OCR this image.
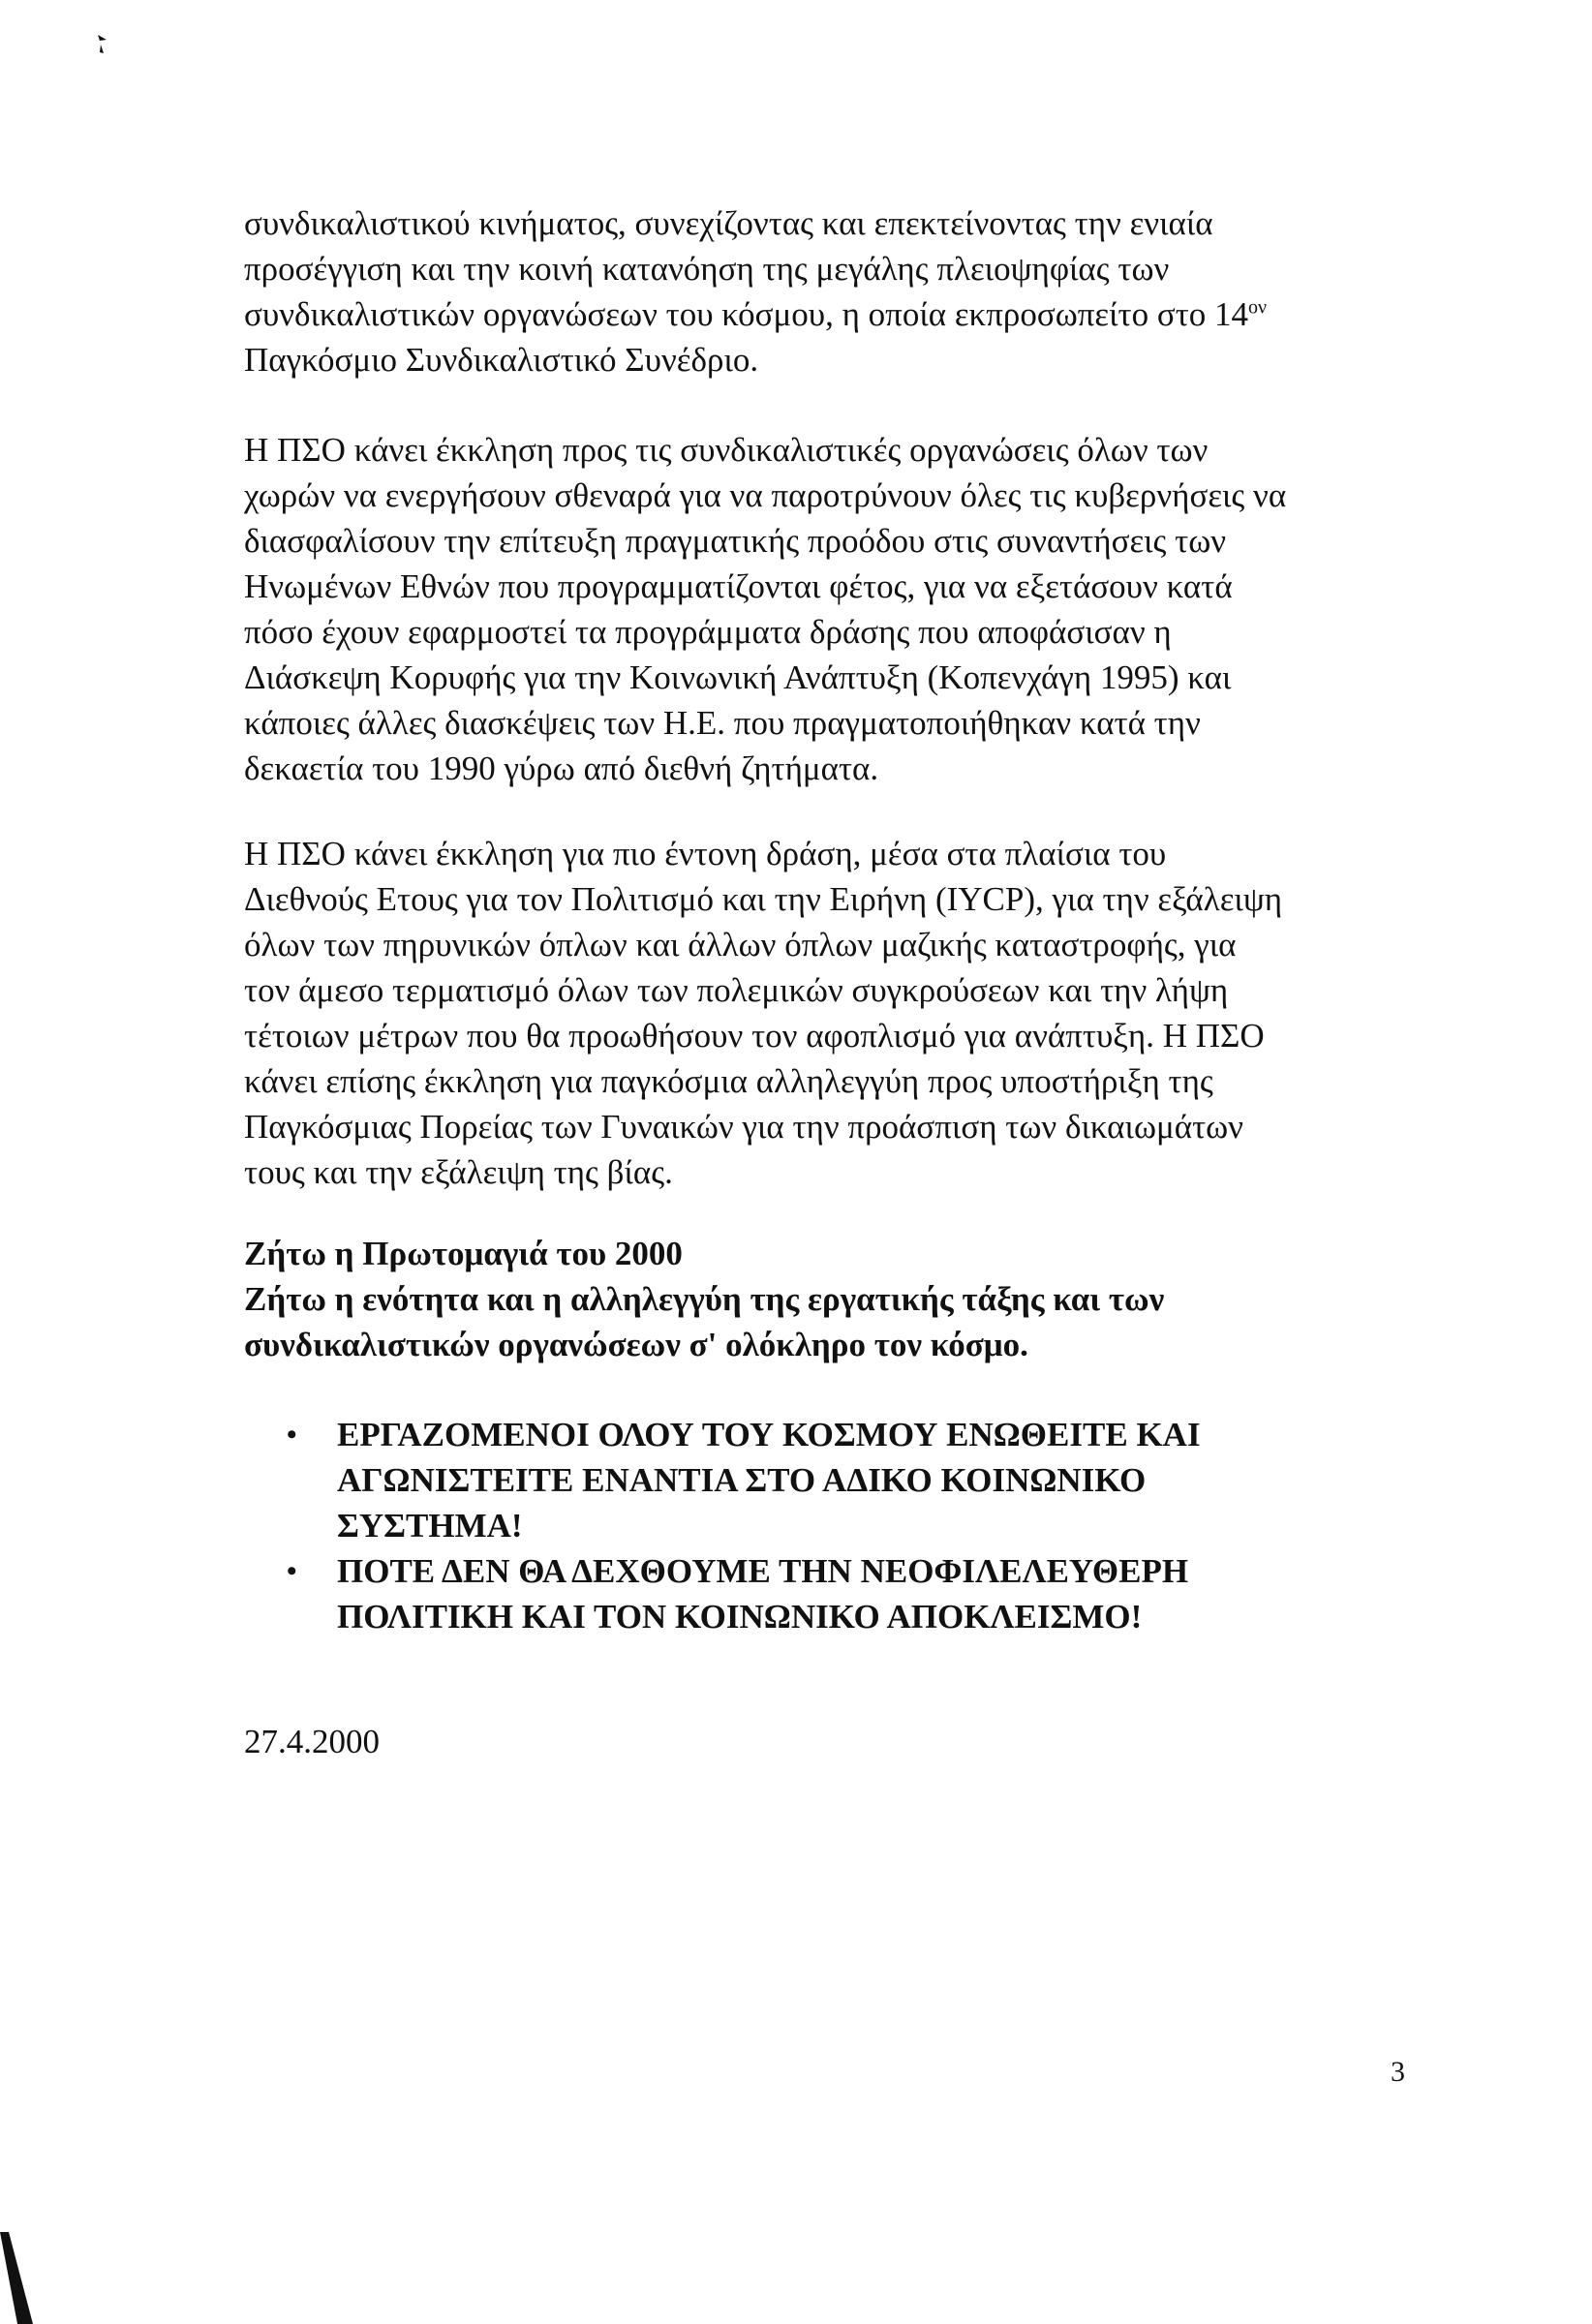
συνδικαλιστικού κινήματος, συνεχίζοντας και επεκτείνοντας την ενιαία
προσέγγιση και την κοινή κατανόηση της μεγάλης πλειοψηφίας των
συνδικαλιστικών οργανώσεων του κόσμου, η οποία εκπροσωπείτο στο $14^{o\nu}$
Παγκόσμιο Συνδικαλιστικό Συνέδριο.
Η ΠΣΟ κάνει έκκληση προς τις συνδικαλιστικές οργανώσεις όλων των
χωρών να ενεργήσουν σθεναρά για να παροτρύνουν όλες τις κυβερνήσεις να
διασφαλίσουν την επίτευξη πραγματικής προόδου στις συναντήσεις των
Ηνωμένων Εθνών που προγραμματίζονται φέτος, για να εξετάσουν κατά
πόσο έχουν εφαρμοστεί τα προγράμματα δράσης που αποφάσισαν η
Διάσκεψη Κορυφής για την Κοινωνική Ανάπτυξη (Κοπενχάγη 1995) και
κάποιες άλλες διασκέψεις των Η.Ε. που πραγματοποιήθηκαν κατά την
δεκαετία του 1990 γύρω από διεθνή ζητήματα.
Η ΠΣΟ κάνει έκκληση για πιο έντονη δράση, μέσα στα πλαίσια του
Διεθνούς Ετους για τον Πολιτισμό και την Ειρήνη (IYCP), για την εξάλειψη
όλων των πηρυνικών όπλων και άλλων όπλων μαζικής καταστροφής, για
τον άμεσο τερματισμό όλων των πολεμικών συγκρούσεων και την λήψη
τέτοιων μέτρων που θα προωθήσουν τον αφοπλισμό για ανάπτυξη. Η ΠΣΟ
κάνει επίσης έκκληση για παγκόσμια αλληλεγγύη προς υποστήριξη της
Παγκόσμιας Πορείας των Γυναικών για την προάσπιση των δικαιωμάτων
τους και την εξάλειψη της βίας.
Ζήτω η Πρωτομαγιά του 2000
Ζήτω η ενότητα και η αλληλεγγύη της εργατικής τάξης και των
συνδικαλιστικών οργανώσεων σ' ολόκληρο τον κόσμο.
• ΕΡΓΑΖΟΜΕΝΟΙ ΟΛΟΥ ΤΟΥ ΚΟΣΜΟΥ ΕΝΩΘΕΙΤΕ ΚΑΙ
ΑΓΩΝΙΣΤΕΙΤΕ ΕΝΑΝΤΙΑ ΣΤΟ ΑΔΙΚΟ ΚΟΙΝΩΝΙΚΟ
ΣΥΣΤΗΜΑ!
• ΠΟΤΕ ΔΕΝ ΘΑ ΔΕΧΘΟΥΜΕ ΤΗΝ ΝΕΟΦΙΛΕΛΕΥΘΕΡΗ
ΠΟΛΙΤΙΚΗ ΚΑΙ ΤΟΝ ΚΟΙΝΩΝΙΚΟ ΑΠΟΚΛΕΙΣΜΟ!
27.4.2000
3
